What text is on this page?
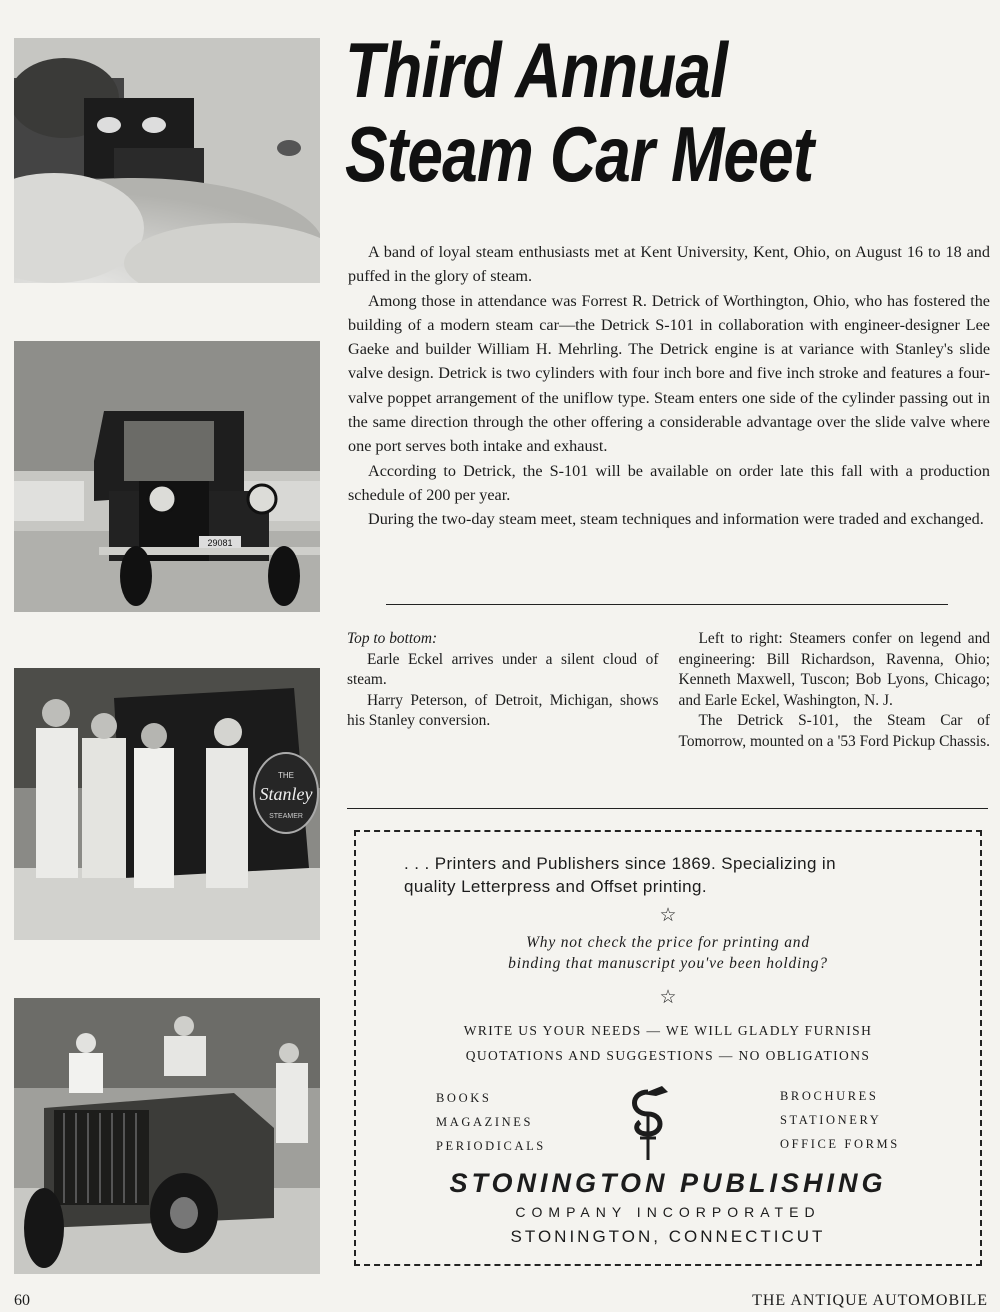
29081
THE
Stanley
STEAMER
Third Annual
Steam Car Meet

A band of loyal steam enthusiasts met at Kent University, Kent, Ohio, on August 16 to 18 and puffed in the glory of steam.

Among those in attendance was Forrest R. Detrick of Worthington, Ohio, who has fostered the building of a modern steam car—the Detrick S-101 in collaboration with engineer-designer Lee Gaeke and builder William H. Mehrling. The Detrick engine is at variance with Stanley's slide valve design. Detrick is two cylinders with four inch bore and five inch stroke and features a four-valve poppet arrangement of the uniflow type. Steam enters one side of the cylinder passing out in the same direction through the other offering a considerable advantage over the slide valve where one port serves both intake and exhaust.

According to Detrick, the S-101 will be available on order late this fall with a production schedule of 200 per year.

During the two-day steam meet, steam techniques and information were traded and exchanged.

Top to bottom:

Earle Eckel arrives under a silent cloud of steam.

Harry Peterson, of Detroit, Michigan, shows his Stanley conversion.

Left to right: Steamers confer on legend and engineering: Bill Richardson, Ravenna, Ohio; Kenneth Maxwell, Tuscon; Bob Lyons, Chicago; and Earle Eckel, Washington, N. J.

The Detrick S-101, the Steam Car of Tomorrow, mounted on a '53 Ford Pickup Chassis.

. . . Printers and Publishers since 1869. Specializing in
quality Letterpress and Offset printing.
☆
Why not check the price for printing and
binding that manuscript you've been holding?
☆
WRITE US YOUR NEEDS — WE WILL GLADLY FURNISH
QUOTATIONS AND SUGGESTIONS — NO OBLIGATIONS
BOOKS
MAGAZINES
PERIODICALS
BROCHURES
STATIONERY
OFFICE FORMS
STONINGTON PUBLISHING
COMPANY INCORPORATED
STONINGTON, CONNECTICUT
60	THE ANTIQUE AUTOMOBILE
